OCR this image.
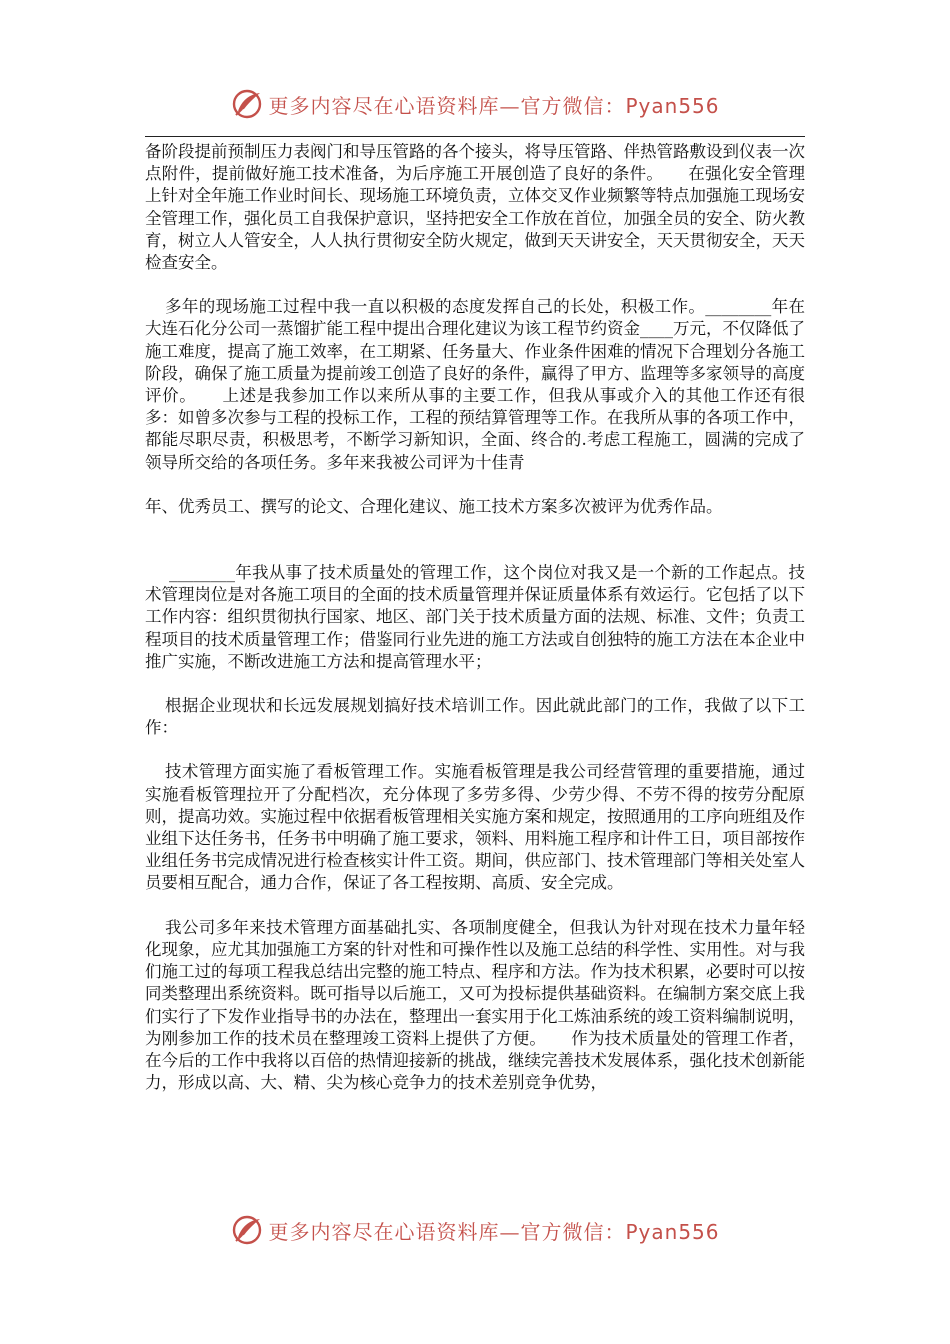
更多内容尽在心语资料库—官方微信：Pyan556

备阶段提前预制压力表阀门和导压管路的各个接头，将导压管路、伴热管路敷设到仪表一次点附件，提前做好施工技术准备，为后序施工开展创造了良好的条件。　　在强化安全管理上针对全年施工作业时间长、现场施工环境负责，立体交叉作业频繁等特点加强施工现场安全管理工作，强化员工自我保护意识，坚持把安全工作放在首位，加强全员的安全、防火教育，树立人人管安全，人人执行贯彻安全防火规定，做到天天讲安全，天天贯彻安全，天天检查安全。

多年的现场施工过程中我一直以积极的态度发挥自己的长处，积极工作。________年在大连石化分公司一蒸馏扩能工程中提出合理化建议为该工程节约资金____万元，不仅降低了施工难度，提高了施工效率，在工期紧、任务量大、作业条件困难的情况下合理划分各施工阶段，确保了施工质量为提前竣工创造了良好的条件，赢得了甲方、监理等多家领导的高度评价。　　上述是我参加工作以来所从事的主要工作，但我从事或介入的其他工作还有很多：如曾多次参与工程的投标工作，工程的预结算管理等工作。在我所从事的各项工作中，都能尽职尽责，积极思考，不断学习新知识，全面、终合的.考虑工程施工，圆满的完成了领导所交给的各项任务。多年来我被公司评为十佳青

年、优秀员工、撰写的论文、合理化建议、施工技术方案多次被评为优秀作品。

________年我从事了技术质量处的管理工作，这个岗位对我又是一个新的工作起点。技术管理岗位是对各施工项目的全面的技术质量管理并保证质量体系有效运行。它包括了以下工作内容：组织贯彻执行国家、地区、部门关于技术质量方面的法规、标准、文件；负责工程项目的技术质量管理工作；借鉴同行业先进的施工方法或自创独特的施工方法在本企业中推广实施，不断改进施工方法和提高管理水平；

根据企业现状和长远发展规划搞好技术培训工作。因此就此部门的工作，我做了以下工作：

技术管理方面实施了看板管理工作。实施看板管理是我公司经营管理的重要措施，通过实施看板管理拉开了分配档次，充分体现了多劳多得、少劳少得、不劳不得的按劳分配原则，提高功效。实施过程中依据看板管理相关实施方案和规定，按照通用的工序向班组及作业组下达任务书，任务书中明确了施工要求，领料、用料施工程序和计件工日，项目部按作业组任务书完成情况进行检查核实计件工资。期间，供应部门、技术管理部门等相关处室人员要相互配合，通力合作，保证了各工程按期、高质、安全完成。

我公司多年来技术管理方面基础扎实、各项制度健全，但我认为针对现在技术力量年轻化现象，应尤其加强施工方案的针对性和可操作性以及施工总结的科学性、实用性。对与我们施工过的每项工程我总结出完整的施工特点、程序和方法。作为技术积累，必要时可以按同类整理出系统资料。既可指导以后施工，又可为投标提供基础资料。在编制方案交底上我们实行了下发作业指导书的办法在，整理出一套实用于化工炼油系统的竣工资料编制说明，为刚参加工作的技术员在整理竣工资料上提供了方便。　　作为技术质量处的管理工作者，在今后的工作中我将以百倍的热情迎接新的挑战，继续完善技术发展体系，强化技术创新能力，形成以高、大、精、尖为核心竞争力的技术差别竞争优势，

更多内容尽在心语资料库—官方微信：Pyan556
